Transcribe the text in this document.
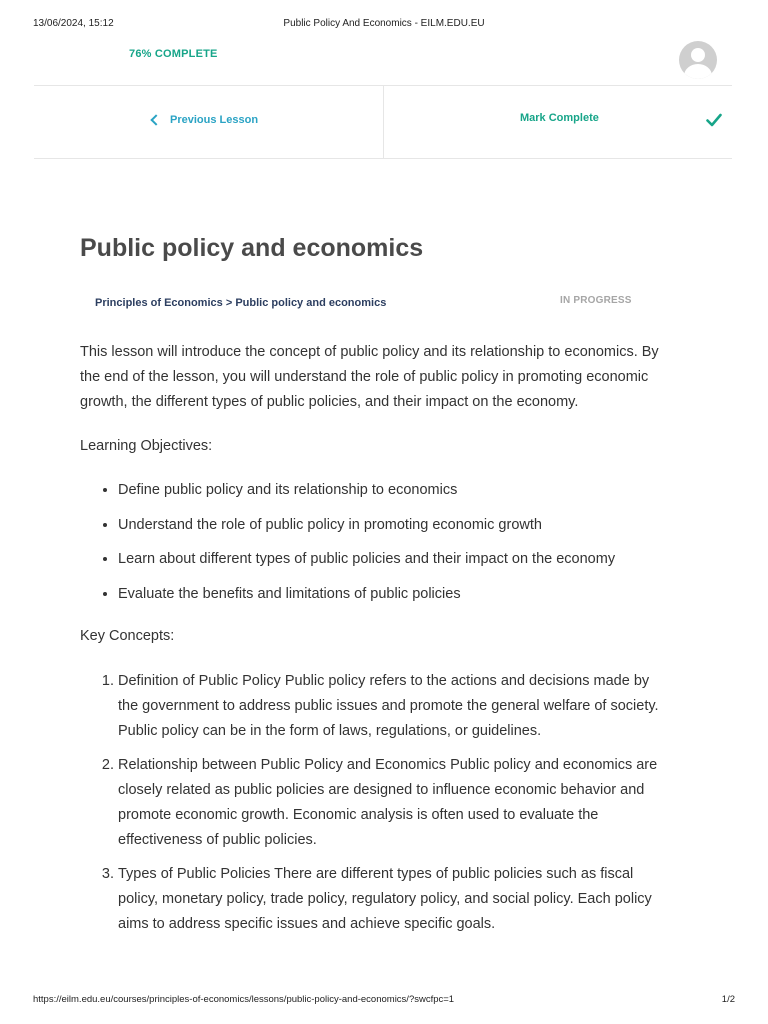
13/06/2024, 15:12	Public Policy And Economics - EILM.EDU.EU
76% COMPLETE
Previous Lesson	Mark Complete
Public policy and economics
Principles of Economics > Public policy and economics	IN PROGRESS

This lesson will introduce the concept of public policy and its relationship to economics. By the end of the lesson, you will understand the role of public policy in promoting economic growth, the different types of public policies, and their impact on the economy.

Learning Objectives:

• Define public policy and its relationship to economics
• Understand the role of public policy in promoting economic growth
• Learn about different types of public policies and their impact on the economy
• Evaluate the benefits and limitations of public policies

Key Concepts:

1. Definition of Public Policy Public policy refers to the actions and decisions made by the government to address public issues and promote the general welfare of society. Public policy can be in the form of laws, regulations, or guidelines.
2. Relationship between Public Policy and Economics Public policy and economics are closely related as public policies are designed to influence economic behavior and promote economic growth. Economic analysis is often used to evaluate the effectiveness of public policies.
3. Types of Public Policies There are different types of public policies such as fiscal policy, monetary policy, trade policy, regulatory policy, and social policy. Each policy aims to address specific issues and achieve specific goals.
https://eilm.edu.eu/courses/principles-of-economics/lessons/public-policy-and-economics/?swcfpc=1	1/2
